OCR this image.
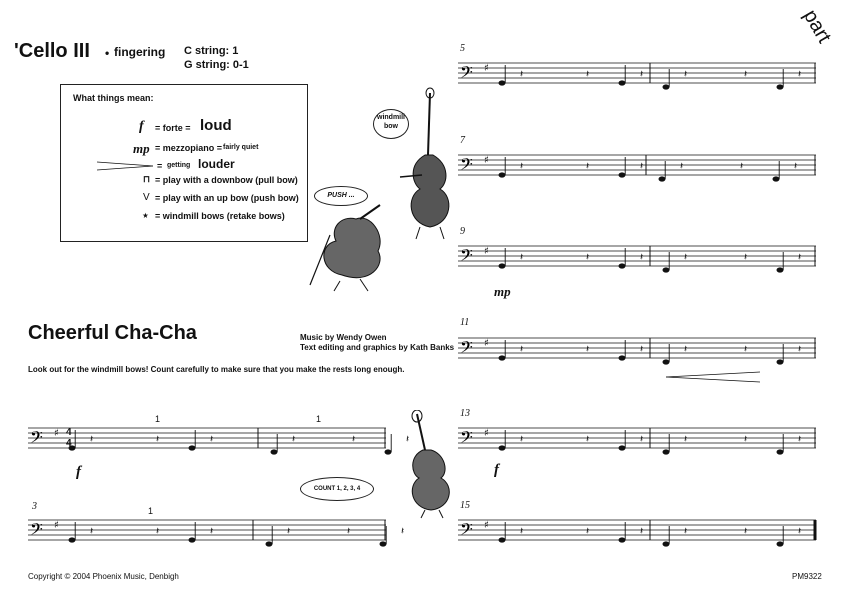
'Cello III • fingering C string: 1
G string: 0-1
part
What things mean:
f = forte = loud
mp = mezzopiano = fairly quiet
= getting louder
⊓ = play with a downbow (pull bow)
V = play with an up bow (push bow)
⋆ = windmill bows (retake bows)
windmill bow
PUSH ...
COUNT 1, 2, 3, 4
Cheerful Cha-Cha	Music by Wendy Owen
Text editing and graphics by Kath Banks
Look out for the windmill bows! Count carefully to make sure that you make the rests long enough.
𝄢 ♯
𝄽	𝄽	𝄽	𝄽	𝄽	𝄽
𝄢 ♯
𝄽	𝄽	𝄽	𝄽	𝄽	𝄽
𝄢 ♯
𝄽	𝄽	𝄽	𝄽	𝄽	𝄽
𝄢 ♯
𝄽	𝄽	𝄽	𝄽	𝄽	𝄽
𝄢 ♯
𝄽	𝄽	𝄽	𝄽	𝄽	𝄽
𝄢 ♯
𝄽	𝄽	𝄽	𝄽	𝄽	𝄽
𝄢 ♯
𝄽	𝄽	𝄽	𝄽	𝄽	𝄽
𝄢 ♯
𝄽	𝄽	𝄽	𝄽	𝄽	𝄽
3
5
7
9
11
13
15
f	f
mp
1	1
1
4
4
Copyright © 2004 Phoenix Music, Denbigh	PM9322
